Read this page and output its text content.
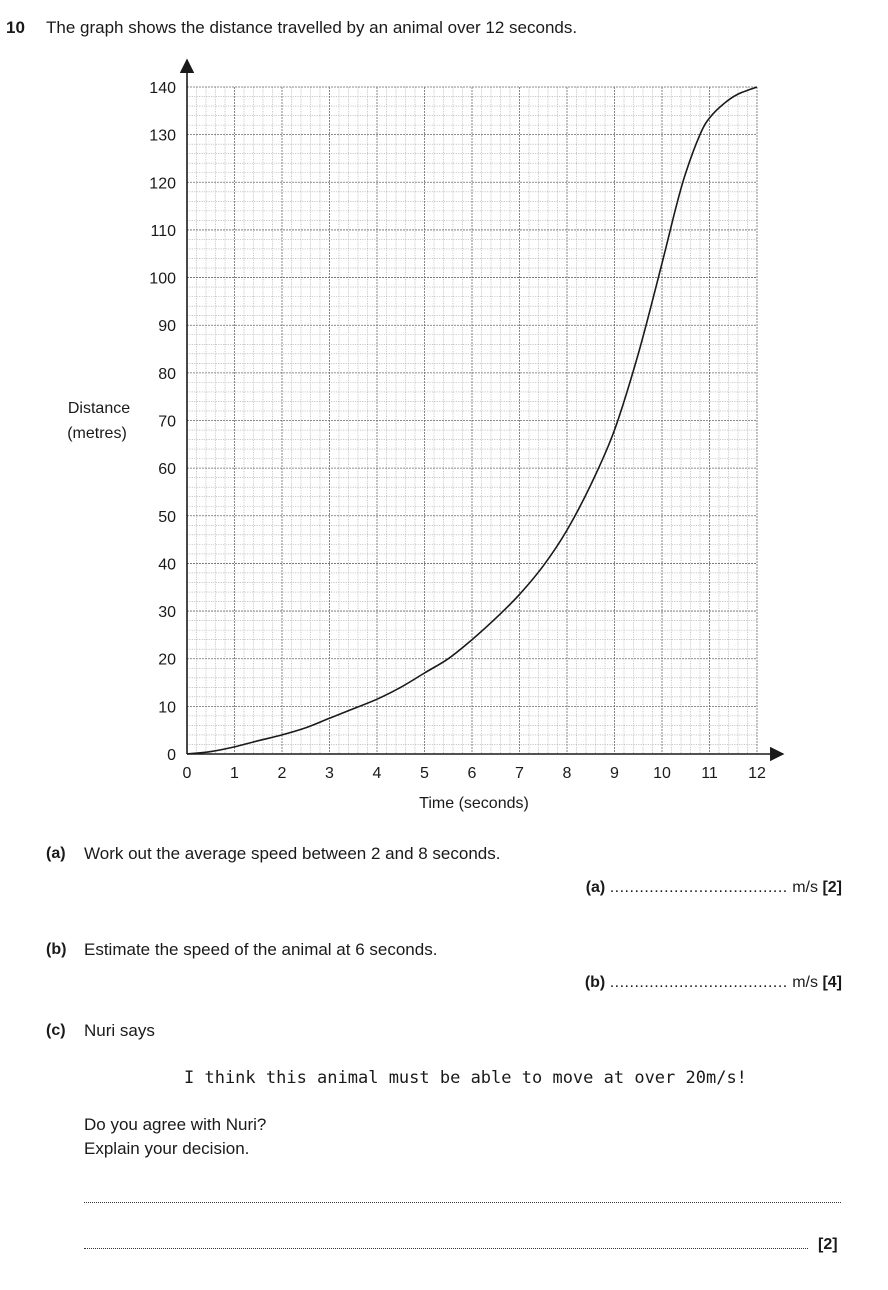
10 The graph shows the distance travelled by an animal over 12 seconds.
0 1 2 3 4 5 6 7 8 9 10 11 12
0
10
20
30
40
50
60
70
80
90
100
110
120
130
140
Time (seconds)
Distance
(metres)
(a) Work out the average speed between 2 and 8 seconds.
(a) .................................... m/s [2]
(b) Estimate the speed of the animal at 6 seconds.
(b) .................................... m/s [4]
(c) Nuri says
I think this animal must be able to move at over 20m/s!
Do you agree with Nuri?
Explain your decision.
[2]
